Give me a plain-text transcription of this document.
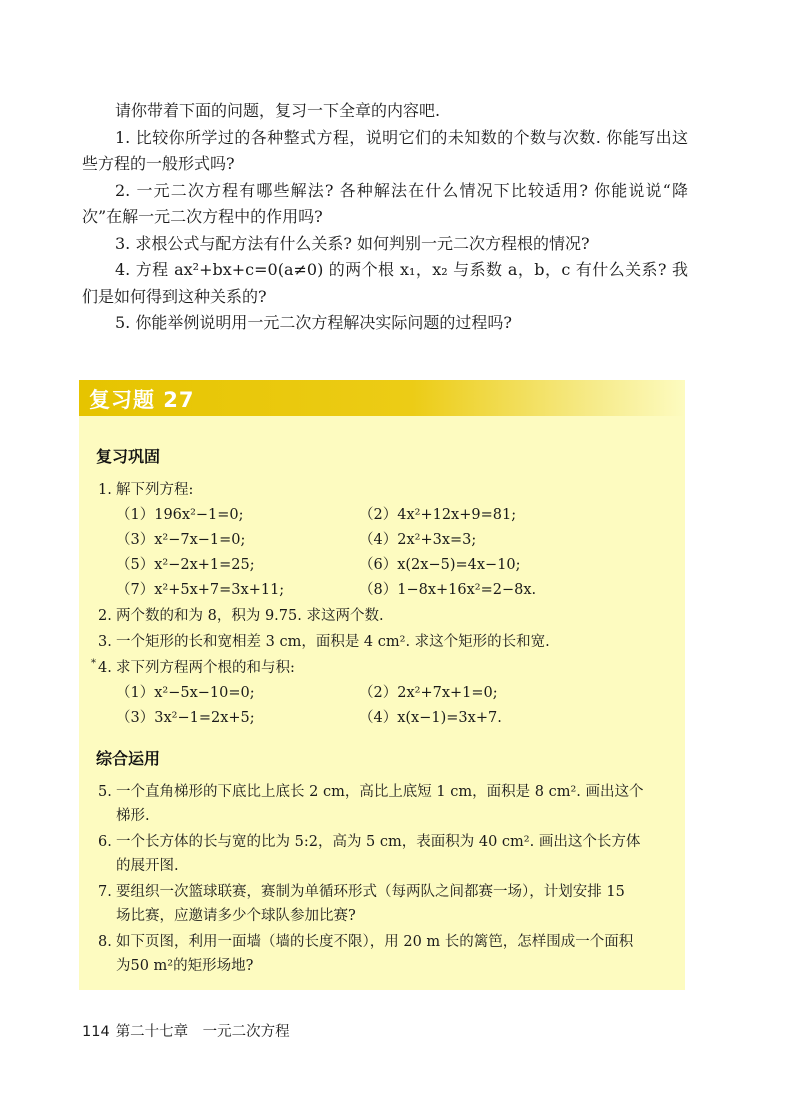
请你带着下面的问题，复习一下全章的内容吧.

1. 比较你所学过的各种整式方程，说明它们的未知数的个数与次数. 你能写出这些方程的一般形式吗?

2. 一元二次方程有哪些解法? 各种解法在什么情况下比较适用? 你能说说“降次”在解一元二次方程中的作用吗?

3. 求根公式与配方法有什么关系? 如何判别一元二次方程根的情况?

4. 方程 ax²+bx+c=0(a≠0) 的两个根 x₁，x₂ 与系数 a，b，c 有什么关系? 我们是如何得到这种关系的?

5. 你能举例说明用一元二次方程解决实际问题的过程吗?

复习题 27
复习巩固
1. 解下列方程:
（1）196x²−1=0;	（2）4x²+12x+9=81;
（3）x²−7x−1=0;	（4）2x²+3x=3;
（5）x²−2x+1=25;	（6）x(2x−5)=4x−10;
（7）x²+5x+7=3x+11;	（8）1−8x+16x²=2−8x.
2. 两个数的和为 8，积为 9.75. 求这两个数.
3. 一个矩形的长和宽相差 3 cm，面积是 4 cm². 求这个矩形的长和宽.
* 4. 求下列方程两个根的和与积:
（1）x²−5x−10=0;	（2）2x²+7x+1=0;
（3）3x²−1=2x+5;	（4）x(x−1)=3x+7.
综合运用
5. 一个直角梯形的下底比上底长 2 cm，高比上底短 1 cm，面积是 8 cm². 画出这个
梯形.
6. 一个长方体的长与宽的比为 5:2，高为 5 cm，表面积为 40 cm². 画出这个长方体
的展开图.
7. 要组织一次篮球联赛，赛制为单循环形式（每两队之间都赛一场），计划安排 15
场比赛，应邀请多少个球队参加比赛?
8. 如下页图，利用一面墙（墙的长度不限），用 20 m 长的篱笆，怎样围成一个面积
为50 m²的矩形场地?
114 第二十七章　一元二次方程
